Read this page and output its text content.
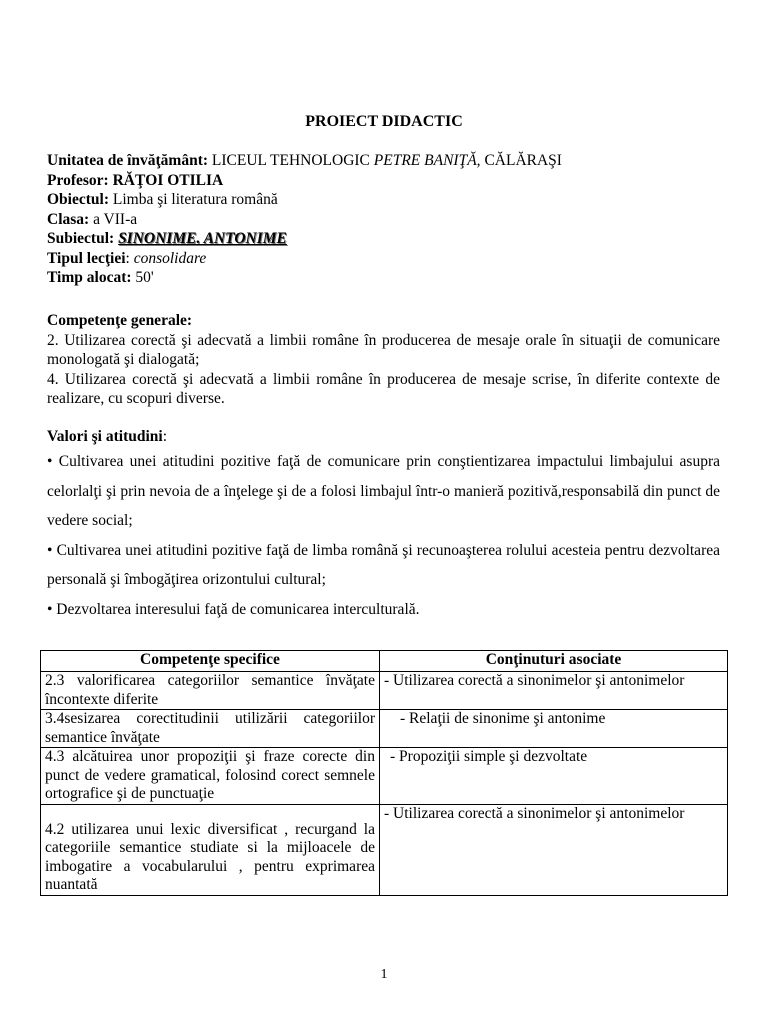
PROIECT DIDACTIC
Unitatea de învăţământ: LICEUL TEHNOLOGIC PETRE BANIŢĂ, CĂLĂRAŞI
Profesor: RĂŢOI OTILIA
Obiectul: Limba şi literatura română
Clasa: a VII-a
Subiectul: SINONIME. ANTONIME
Tipul lecţiei: consolidare
Timp alocat: 50'
Competenţe generale:
2. Utilizarea corectă şi adecvată a limbii române în producerea de mesaje orale în situaţii de comunicare monologată şi dialogată;
4. Utilizarea corectă şi adecvată a limbii române în producerea de mesaje scrise, în diferite contexte de realizare, cu scopuri diverse.
Valori şi atitudini:

• Cultivarea unei atitudini pozitive faţă de comunicare prin conştientizarea impactului limbajului asupra celorlalţi şi prin nevoia de a înţelege şi de a folosi limbajul într-o manieră pozitivă,responsabilă din punct de vedere social;

• Cultivarea unei atitudini pozitive faţă de limba română şi recunoaşterea rolului acesteia pentru dezvoltarea personală şi îmbogăţirea orizontului cultural;

• Dezvoltarea interesului faţă de comunicarea interculturală.

Competenţe specifice	Conţinuturi asociate
2.3 valorificarea categoriilor semantice învăţate încontexte diferite	- Utilizarea corectă a sinonimelor şi antonimelor
3.4sesizarea corectitudinii utilizării categoriilor semantice învăţate	- Relaţii de sinonime şi antonime
4.3 alcătuirea unor propoziţii şi fraze corecte din punct de vedere gramatical, folosind corect semnele ortografice şi de punctuaţie	- Propoziţii simple şi dezvoltate
4.2 utilizarea unui lexic diversificat , recurgand la categoriile semantice studiate si la mijloacele de imbogatire a vocabularului , pentru exprimarea nuantată	- Utilizarea corectă a sinonimelor şi antonimelor
1
